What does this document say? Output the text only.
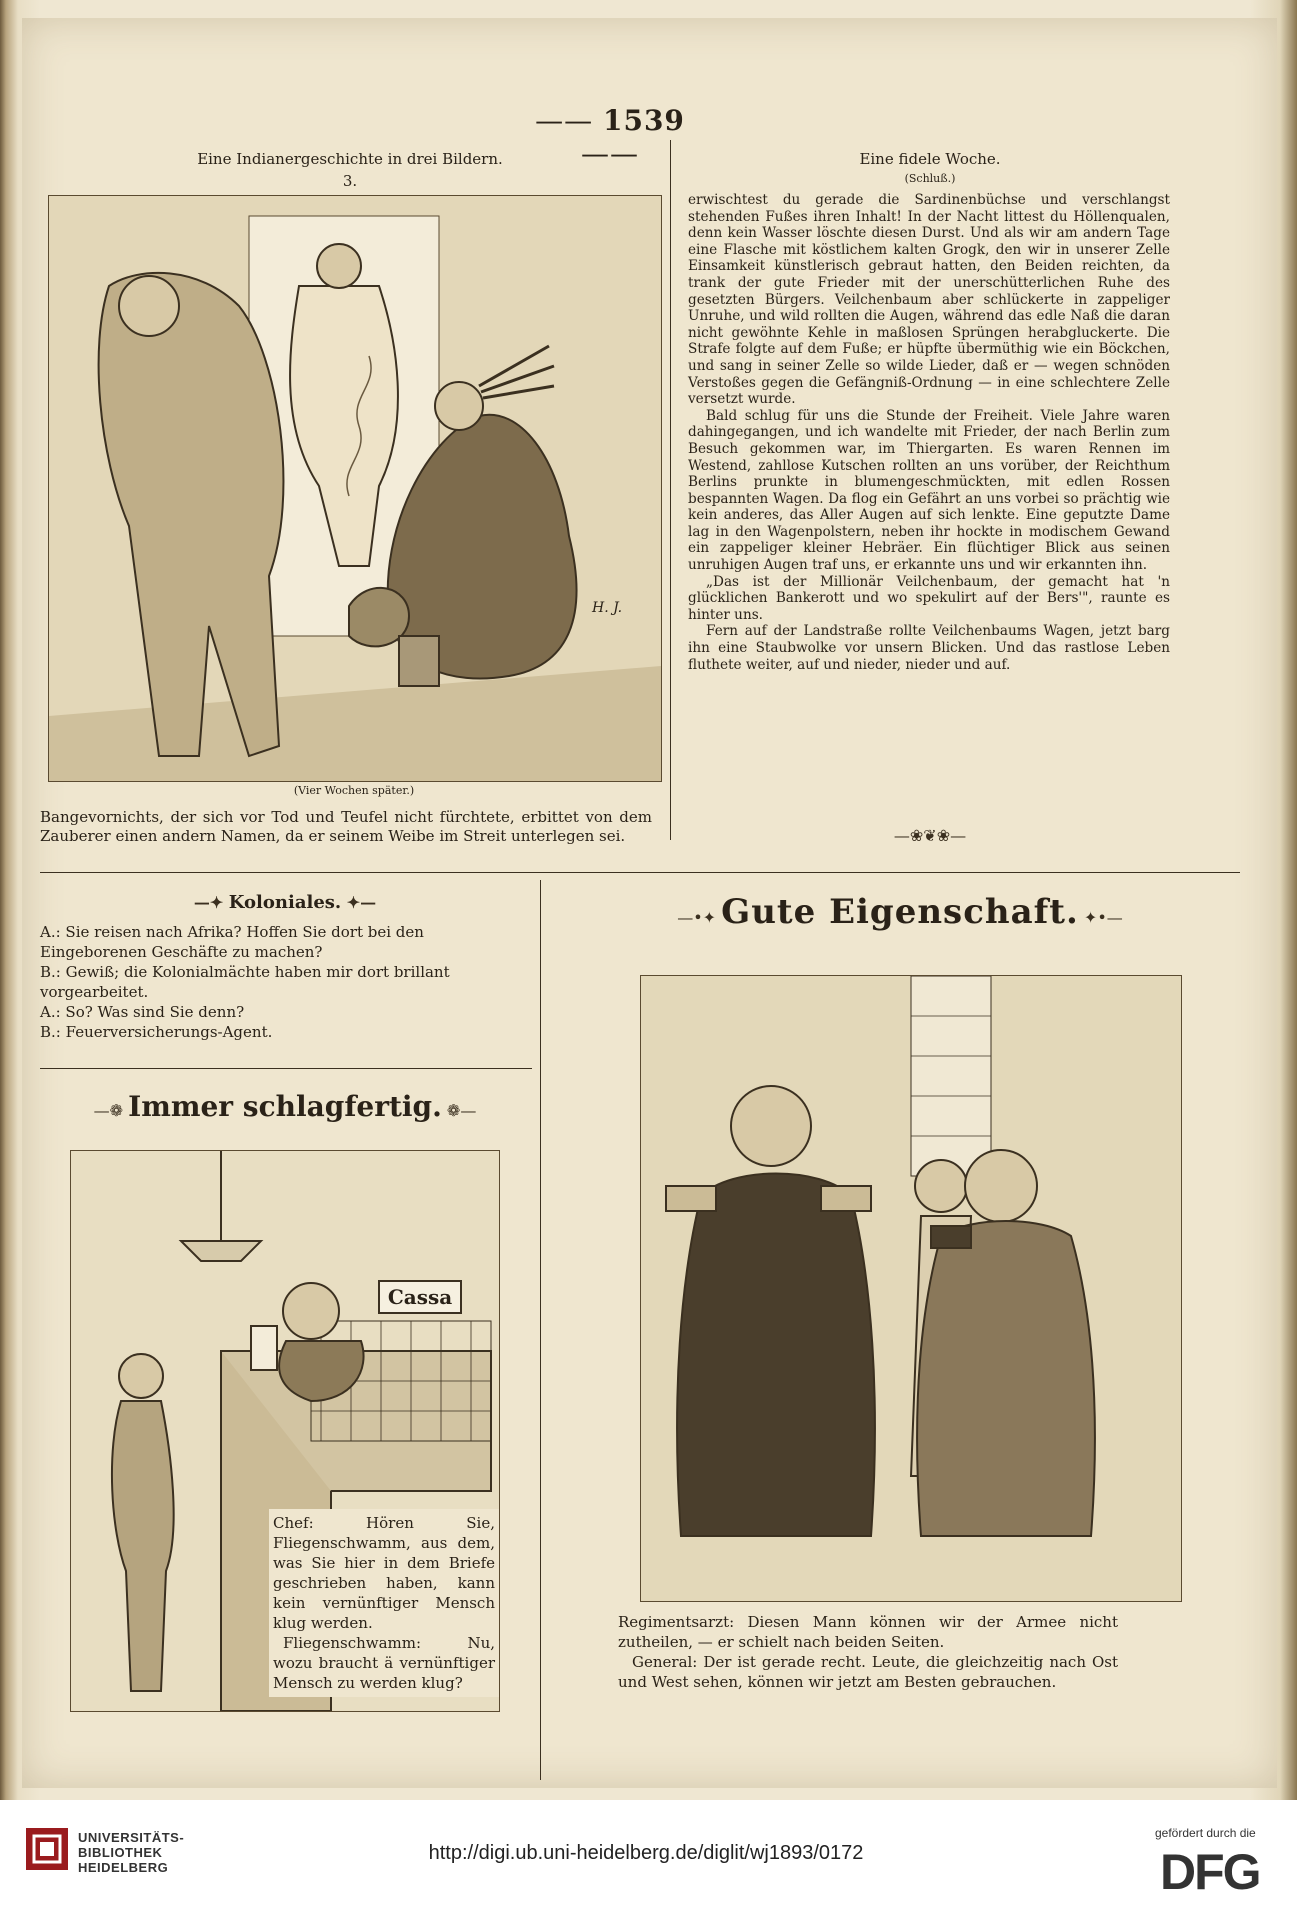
—— 1539 ——
Eine Indianergeschichte in drei Bildern.
3.
(Vier Wochen später.)
H. J.
Bangevornichts, der sich vor Tod und Teufel nicht fürchtete, erbittet von dem Zauberer einen andern Namen, da er seinem Weibe im Streit unterlegen sei.
Eine fidele Woche.
(Schluß.)

erwischtest du gerade die Sardinenbüchse und verschlangst stehenden Fußes ihren Inhalt! In der Nacht littest du Höllenqualen, denn kein Wasser löschte diesen Durst. Und als wir am andern Tage eine Flasche mit köstlichem kalten Grogk, den wir in unserer Zelle Einsamkeit künstlerisch gebraut hatten, den Beiden reichten, da trank der gute Frieder mit der unerschütterlichen Ruhe des gesetzten Bürgers. Veilchenbaum aber schlückerte in zappeliger Unruhe, und wild rollten die Augen, während das edle Naß die daran nicht gewöhnte Kehle in maßlosen Sprüngen herabgluckerte. Die Strafe folgte auf dem Fuße; er hüpfte übermüthig wie ein Böckchen, und sang in seiner Zelle so wilde Lieder, daß er — wegen schnöden Verstoßes gegen die Gefängniß-Ordnung — in eine schlechtere Zelle versetzt wurde.

Bald schlug für uns die Stunde der Freiheit. Viele Jahre waren dahingegangen, und ich wandelte mit Frieder, der nach Berlin zum Besuch gekommen war, im Thiergarten. Es waren Rennen im Westend, zahllose Kutschen rollten an uns vorüber, der Reichthum Berlins prunkte in blumengeschmückten, mit edlen Rossen bespannten Wagen. Da flog ein Gefährt an uns vorbei so prächtig wie kein anderes, das Aller Augen auf sich lenkte. Eine geputzte Dame lag in den Wagenpolstern, neben ihr hockte in modischem Gewand ein zappeliger kleiner Hebräer. Ein flüchtiger Blick aus seinen unruhigen Augen traf uns, er erkannte uns und wir erkannten ihn.

„Das ist der Millionär Veilchenbaum, der gemacht hat 'n glücklichen Bankerott und wo spekulirt auf der Bers'", raunte es hinter uns.

Fern auf der Landstraße rollte Veilchenbaums Wagen, jetzt barg ihn eine Staubwolke vor unsern Blicken. Und das rastlose Leben fluthete weiter, auf und nieder, nieder und auf.

—❀❦❀—
—✦ Koloniales. ✦—
A.: Sie reisen nach Afrika? Hoffen Sie dort bei den Eingeborenen Geschäfte zu machen?
B.: Gewiß; die Kolonialmächte haben mir dort brillant vorgearbeitet.
A.: So? Was sind Sie denn?
B.: Feuerversicherungs-Agent.
—❁ Immer schlagfertig. ❁—
Cassa
Chef: Hören Sie, Fliegenschwamm, aus dem, was Sie hier in dem Briefe geschrieben haben, kann kein vernünftiger Mensch klug werden.
Fliegenschwamm: Nu, wozu braucht ä vernünftiger Mensch zu werden klug?
—•✦ Gute Eigenschaft. ✦•—
Regimentsarzt: Diesen Mann können wir der Armee nicht zutheilen, — er schielt nach beiden Seiten.
General: Der ist gerade recht. Leute, die gleichzeitig nach Ost und West sehen, können wir jetzt am Besten gebrauchen.
UNIVERSITÄTS-
BIBLIOTHEK
HEIDELBERG
http://digi.ub.uni-heidelberg.de/diglit/wj1893/0172
gefördert durch die
DFG
